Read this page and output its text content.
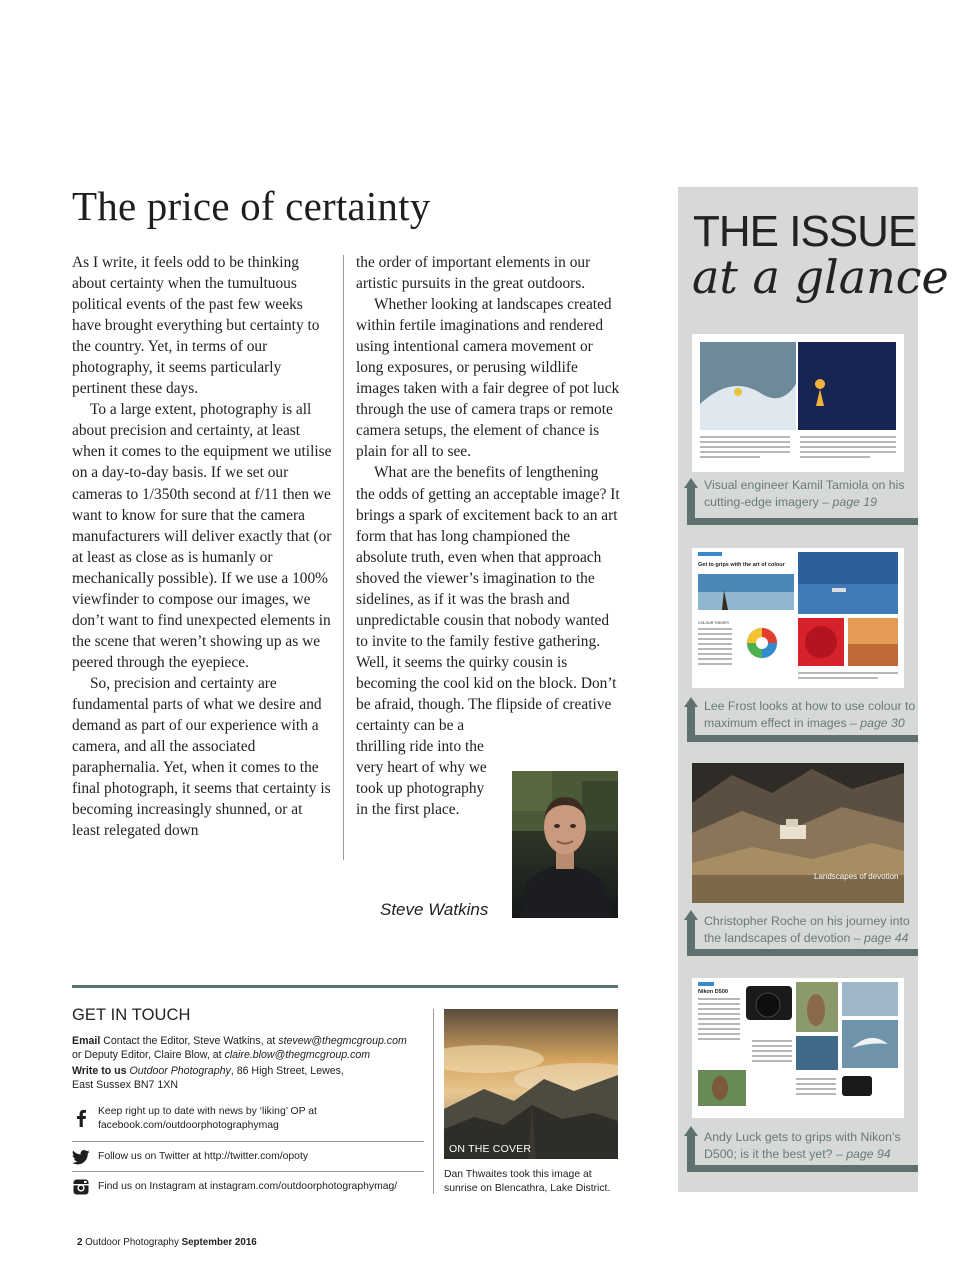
The price of certainty

As I write, it feels odd to be thinking about certainty when the tumultuous political events of the past few weeks have brought everything but certainty to the country. Yet, in terms of our photography, it seems particularly pertinent these days.

To a large extent, photography is all about precision and certainty, at least when it comes to the equipment we utilise on a day-to-day basis. If we set our cameras to 1/350th second at f/11 then we want to know for sure that the camera manufacturers will deliver exactly that (or at least as close as is humanly or mechanically possible). If we use a 100% viewfinder to compose our images, we don’t want to find unexpected elements in the scene that weren’t showing up as we peered through the eyepiece.

So, precision and certainty are fundamental parts of what we desire and demand as part of our experience with a camera, and all the associated paraphernalia. Yet, when it comes to the final photograph, it seems that certainty is becoming increasingly shunned, or at least relegated down

the order of important elements in our artistic pursuits in the great outdoors.

Whether looking at landscapes created within fertile imaginations and rendered using intentional camera movement or long exposures, or perusing wildlife images taken with a fair degree of pot luck through the use of camera traps or remote camera setups, the element of chance is plain for all to see.

What are the benefits of lengthening the odds of getting an acceptable image? It brings a spark of excitement back to an art form that has long championed the absolute truth, even when that approach shoved the viewer’s imagination to the sidelines, as if it was the brash and unpredictable cousin that nobody wanted to invite to the family festive gathering. Well, it seems the quirky cousin is becoming the cool kid on the block. Don’t be afraid, though. The flipside of creative

certainty can be a
thrilling ride into the
very heart of why we
took up photography
in the first place.
Steve Watkins
GET IN TOUCH
Email Contact the Editor, Steve Watkins, at stevew@thegmcgroup.com
or Deputy Editor, Claire Blow, at claire.blow@thegmcgroup.com
Write to us Outdoor Photography, 86 High Street, Lewes,
East Sussex BN7 1XN
Keep right up to date with news by ‘liking’ OP at
facebook.com/outdoorphotographymag
Follow us on Twitter at http://twitter.com/opoty
Find us on Instagram at instagram.com/outdoorphotographymag/
ON THE COVER
Dan Thwaites took this image at sunrise on Blencathra, Lake District.
2 Outdoor Photography September 2016
THE ISSUE
at a glance
Visual engineer Kamil Tamiola on his cutting-edge imagery – page 19
Get to grips with the art of colour
COLOUR THEORY
Lee Frost looks at how to use colour to maximum effect in images – page 30
Landscapes of devotion
Christopher Roche on his journey into the landscapes of devotion – page 44
Nikon D500
Andy Luck gets to grips with Nikon’s D500; is it the best yet? – page 94
